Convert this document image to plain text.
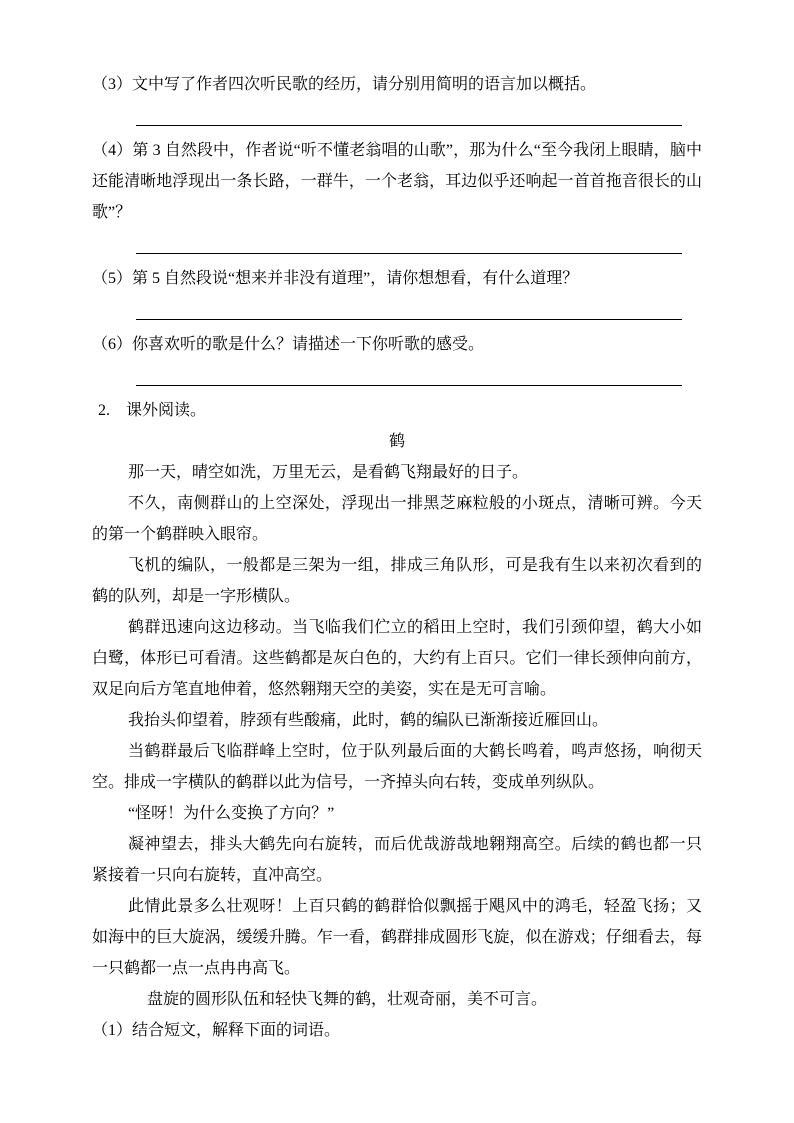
（3）文中写了作者四次听民歌的经历，请分别用简明的语言加以概括。
（4）第 3 自然段中，作者说“听不懂老翁唱的山歌”，那为什么“至今我闭上眼睛，脑中还能清晰地浮现出一条长路，一群牛，一个老翁，耳边似乎还响起一首首拖音很长的山歌”？
（5）第 5 自然段说“想来并非没有道理”，请你想想看，有什么道理？
（6）你喜欢听的歌是什么？请描述一下你听歌的感受。
2.　课外阅读。
鹤

那一天，晴空如洗，万里无云，是看鹤飞翔最好的日子。

不久，南侧群山的上空深处，浮现出一排黑芝麻粒般的小斑点，清晰可辨。今天的第一个鹤群映入眼帘。

飞机的编队，一般都是三架为一组，排成三角队形，可是我有生以来初次看到的鹤的队列，却是一字形横队。

鹤群迅速向这边移动。当飞临我们伫立的稻田上空时，我们引颈仰望，鹤大小如白鹭，体形已可看清。这些鹤都是灰白色的，大约有上百只。它们一律长颈伸向前方，双足向后方笔直地伸着，悠然翱翔天空的美姿，实在是无可言喻。

我抬头仰望着，脖颈有些酸痛，此时，鹤的编队已渐渐接近雁回山。

当鹤群最后飞临群峰上空时，位于队列最后面的大鹤长鸣着，鸣声悠扬，响彻天空。排成一字横队的鹤群以此为信号，一齐掉头向右转，变成单列纵队。

“怪呀！为什么变换了方向？”

凝神望去，排头大鹤先向右旋转，而后优哉游哉地翱翔高空。后续的鹤也都一只紧接着一只向右旋转，直冲高空。

此情此景多么壮观呀！上百只鹤的鹤群恰似飘摇于飓风中的鸿毛，轻盈飞扬；又如海中的巨大旋涡，缓缓升腾。乍一看，鹤群排成圆形飞旋，似在游戏；仔细看去，每一只鹤都一点一点冉冉高飞。

盘旋的圆形队伍和轻快飞舞的鹤，壮观奇丽，美不可言。

（1）结合短文，解释下面的词语。
